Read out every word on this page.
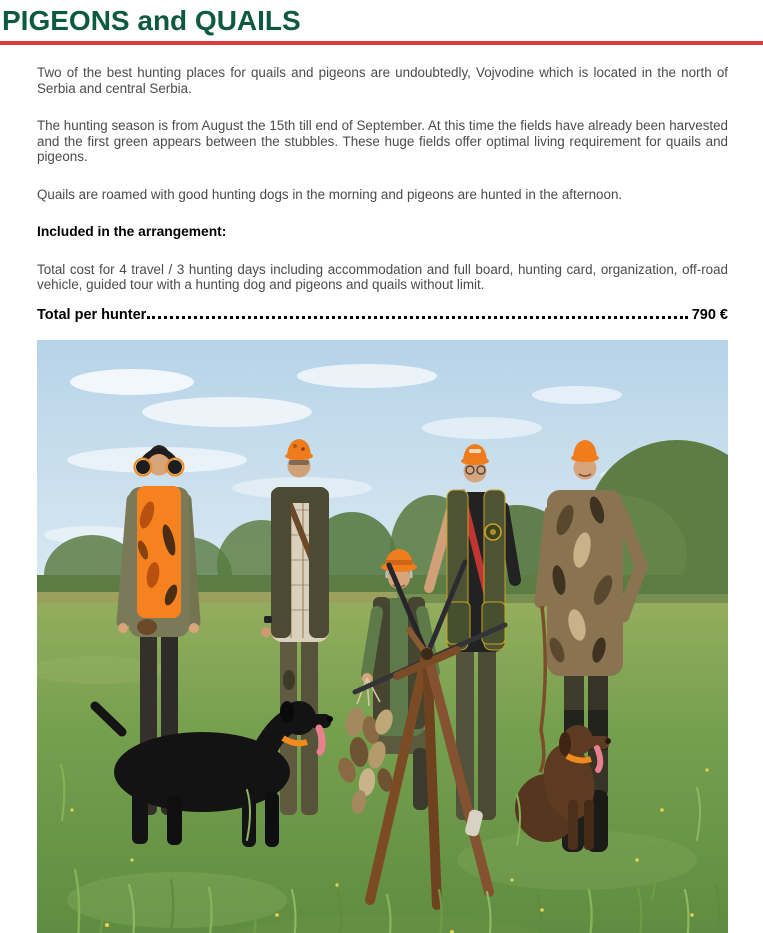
PIGEONS and QUAILS

Two of the best hunting places for quails and pigeons are undoubtedly, Vojvodine which is located in the north of Serbia and central Serbia.

The hunting season is from August the 15th till end of September. At this time the fields have already been harvested and the first green appears between the stubbles. These huge fields offer optimal living requirement for quails and pigeons.

Quails are roamed with good hunting dogs in the morning and pigeons are hunted in the afternoon.

Included in the arrangement:

Total cost for 4 travel / 3 hunting days including accommodation and full board, hunting card, organization, off-road vehicle, guided tour with a hunting dog and pigeons and quails without limit.

Total per hunter	790 €
